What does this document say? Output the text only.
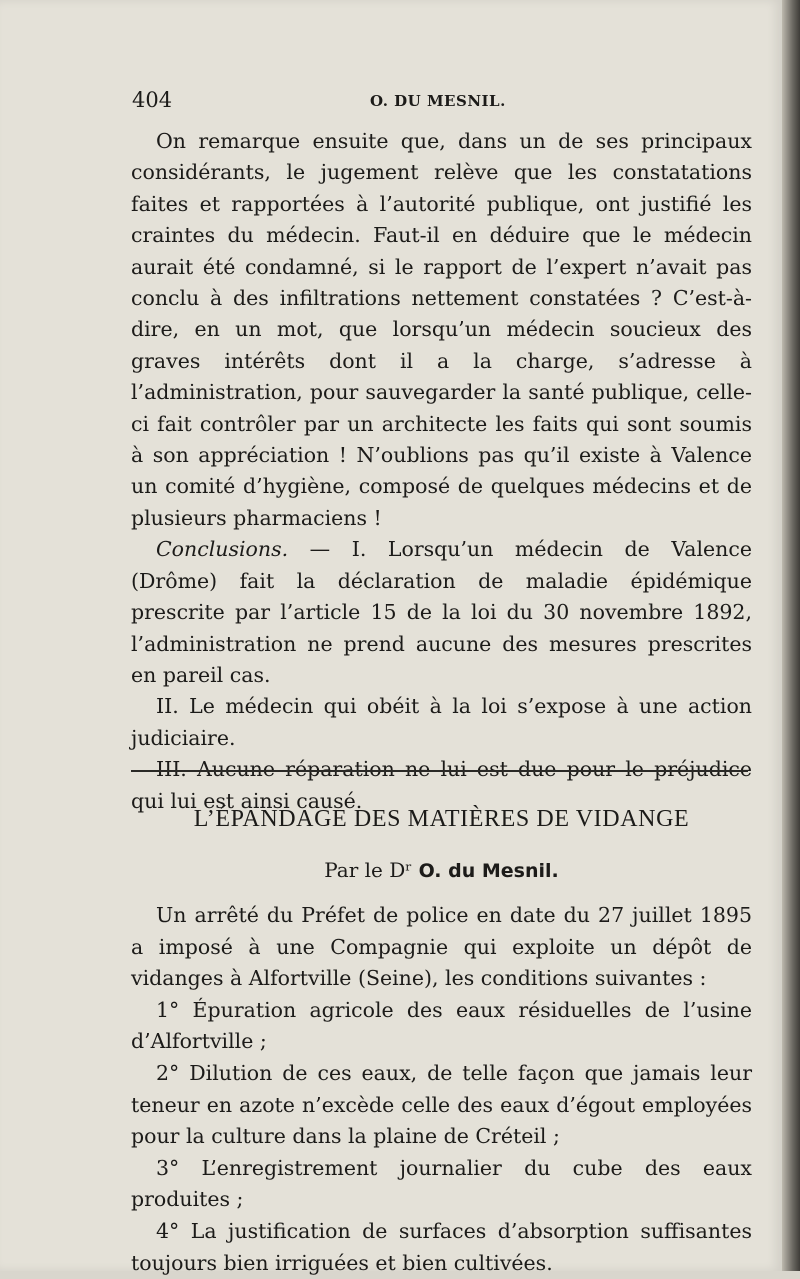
404	O. DU MESNIL.

On remarque ensuite que, dans un de ses principaux considérants, le jugement relève que les constatations faites et rapportées à l’autorité publique, ont justifié les craintes du médecin. Faut-il en déduire que le médecin aurait été condamné, si le rapport de l’expert n’avait pas conclu à des infiltrations nettement constatées ? C’est-à-dire, en un mot, que lorsqu’un médecin soucieux des graves intérêts dont il a la charge, s’adresse à l’administration, pour sauvegarder la santé publique, celle-ci fait contrôler par un architecte les faits qui sont soumis à son appréciation ! N’oublions pas qu’il existe à Valence un comité d’hygiène, composé de quelques médecins et de plusieurs pharmaciens !

Conclusions. — I. Lorsqu’un médecin de Valence (Drôme) fait la déclaration de maladie épidémique prescrite par l’article 15 de la loi du 30 novembre 1892, l’administration ne prend aucune des mesures prescrites en pareil cas.

II. Le médecin qui obéit à la loi s’expose à une action judiciaire.

III. Aucune réparation ne lui est due pour le préjudice qui lui est ainsi causé.

L’ÉPANDAGE DES MATIÈRES DE VIDANGE
Par le Dʳ O. du Mesnil.

Un arrêté du Préfet de police en date du 27 juillet 1895 a imposé à une Compagnie qui exploite un dépôt de vidanges à Alfortville (Seine), les conditions suivantes :

1° Épuration agricole des eaux résiduelles de l’usine d’Alfortville ;

2° Dilution de ces eaux, de telle façon que jamais leur teneur en azote n’excède celle des eaux d’égout employées pour la culture dans la plaine de Créteil ;

3° L’enregistrement journalier du cube des eaux produites ;

4° La justification de surfaces d’absorption suffisantes toujours bien irriguées et bien cultivées.
